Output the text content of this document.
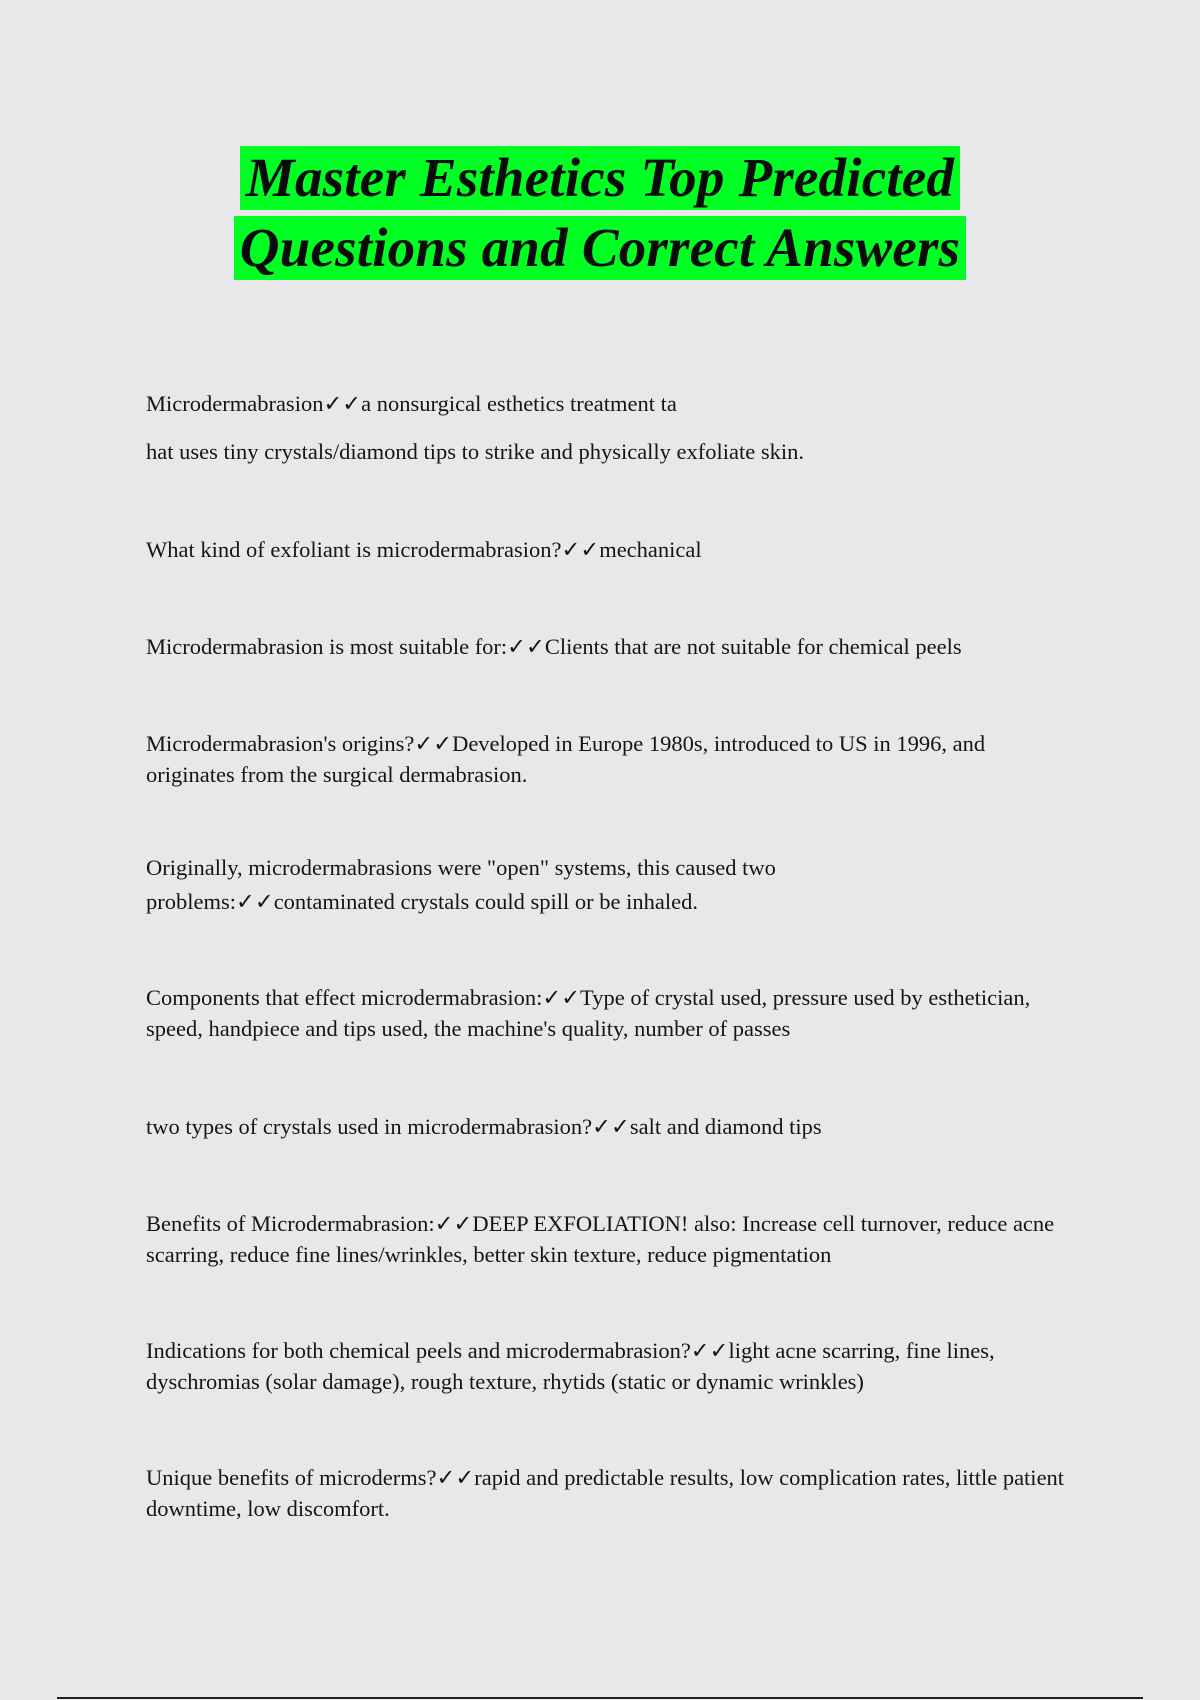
Master Esthetics Top Predicted
Questions and Correct Answers
Microdermabrasion✓✓a nonsurgical esthetics treatment ta
hat uses tiny crystals/diamond tips to strike and physically exfoliate skin.
What kind of exfoliant is microdermabrasion?✓✓mechanical
Microdermabrasion is most suitable for:✓✓Clients that are not suitable for chemical peels
Microdermabrasion's origins?✓✓Developed in Europe 1980s, introduced to US in 1996, and originates from the surgical dermabrasion.
Originally, microdermabrasions were "open" systems, this caused two
problems:✓✓contaminated crystals could spill or be inhaled.
Components that effect microdermabrasion:✓✓Type of crystal used, pressure used by esthetician, speed, handpiece and tips used, the machine's quality, number of passes
two types of crystals used in microdermabrasion?✓✓salt and diamond tips
Benefits of Microdermabrasion:✓✓DEEP EXFOLIATION! also: Increase cell turnover, reduce acne scarring, reduce fine lines/wrinkles, better skin texture, reduce pigmentation
Indications for both chemical peels and microdermabrasion?✓✓light acne scarring, fine lines, dyschromias (solar damage), rough texture, rhytids (static or dynamic wrinkles)
Unique benefits of microderms?✓✓rapid and predictable results, low complication rates, little patient downtime, low discomfort.
